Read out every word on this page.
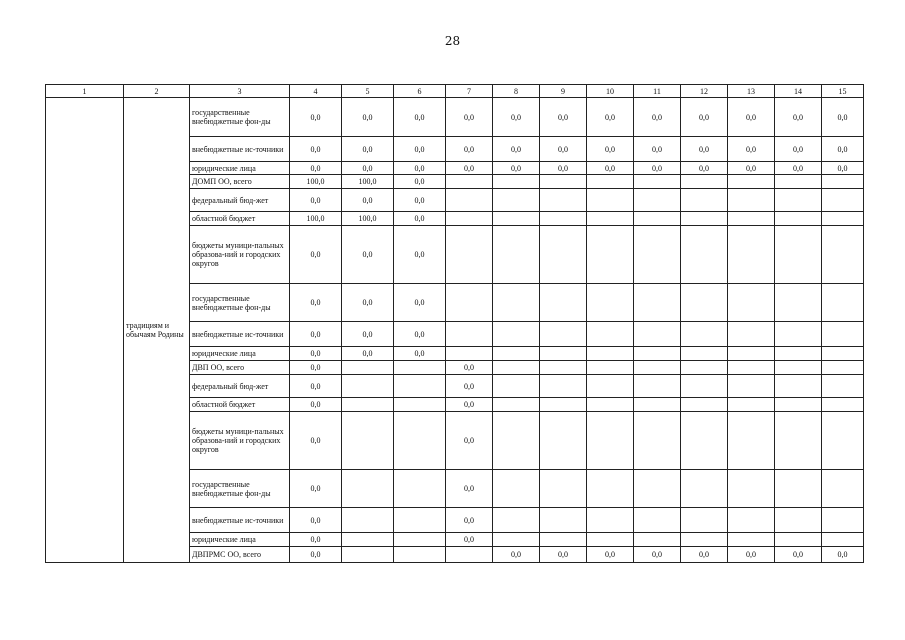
28
1	2	3	4	5	6	7	8	9	10	11	12	13	14	15
	традициям и обычаям Родины	государственные внебюджетные фон-ды	0,0	0,0	0,0	0,0	0,0	0,0	0,0	0,0	0,0	0,0	0,0	0,0
		внебюджетные ис-точники	0,0	0,0	0,0	0,0	0,0	0,0	0,0	0,0	0,0	0,0	0,0	0,0
		юридические лица	0,0	0,0	0,0	0,0	0,0	0,0	0,0	0,0	0,0	0,0	0,0	0,0
		ДОМП ОО, всего	100,0	100,0	0,0									
		федеральный бюд-жет	0,0	0,0	0,0									
		областной бюджет	100,0	100,0	0,0									
		бюджеты муници-пальных образова-ний и городских округов	0,0	0,0	0,0									
		государственные внебюджетные фон-ды	0,0	0,0	0,0									
		внебюджетные ис-точники	0,0	0,0	0,0									
		юридические лица	0,0	0,0	0,0									
		ДВП ОО, всего	0,0			0,0								
		федеральный бюд-жет	0,0			0,0								
		областной бюджет	0,0			0,0								
		бюджеты муници-пальных образова-ний и городских округов	0,0			0,0								
		государственные внебюджетные фон-ды	0,0			0,0								
		внебюджетные ис-точники	0,0			0,0								
		юридические лица	0,0			0,0								
		ДВПРМС ОО, всего	0,0				0,0	0,0	0,0	0,0	0,0	0,0	0,0	0,0
